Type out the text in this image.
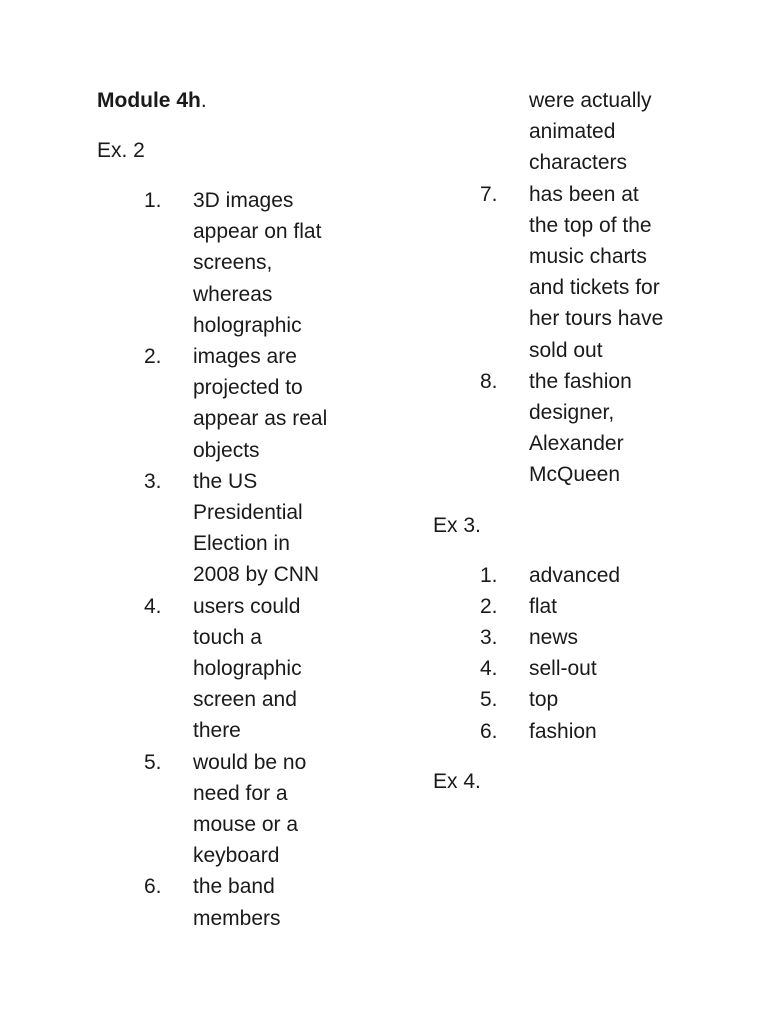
Module 4h.

Ex. 2

1. 3D images appear on flat screens, whereas holographic
2. images are projected to appear as real objects
3. the US Presidential Election in 2008 by CNN
4. users could touch a holographic screen and there
5. would be no need for a mouse or a keyboard
6. the band members
were actually animated characters
7. has been at the top of the music charts and tickets for her tours have sold out
8. the fashion designer, Alexander McQueen

Ex 3.

1. advanced
2. flat
3. news
4. sell-out
5. top
6. fashion

Ex 4.
